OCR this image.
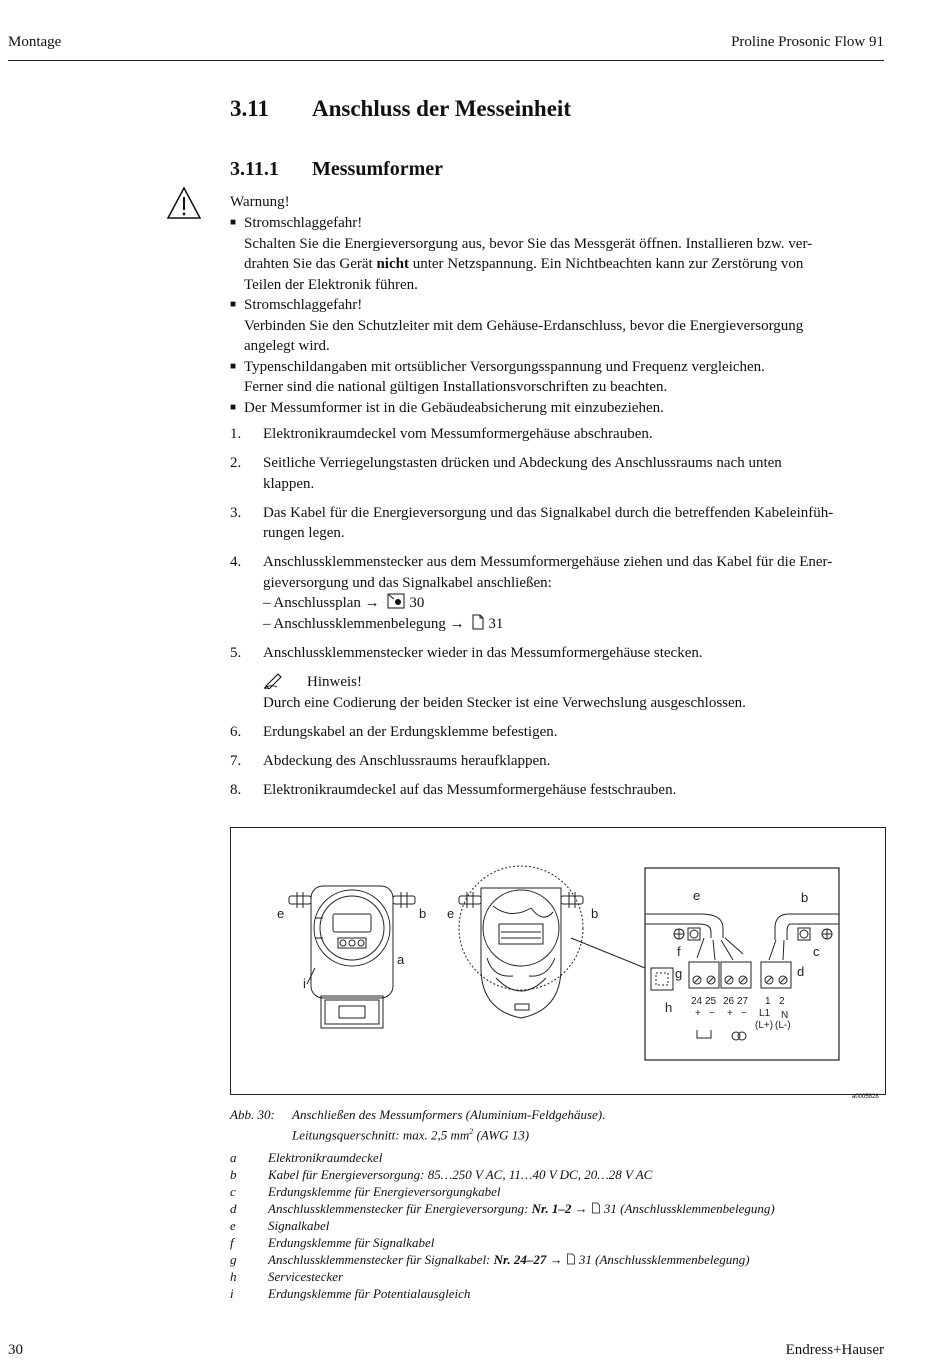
Montage	Proline Prosonic Flow 91
3.11 Anschluss der Messeinheit
3.11.1 Messumformer
Warnung!
■ Stromschlaggefahr!
Schalten Sie die Energieversorgung aus, bevor Sie das Messgerät öffnen. Installieren bzw. ver-
drahten Sie das Gerät nicht unter Netzspannung. Ein Nichtbeachten kann zur Zerstörung von
Teilen der Elektronik führen.
■ Stromschlaggefahr!
Verbinden Sie den Schutzleiter mit dem Gehäuse-Erdanschluss, bevor die Energieversorgung
angelegt wird.
■ Typenschildangaben mit ortsüblicher Versorgungsspannung und Frequenz vergleichen.
Ferner sind die national gültigen Installationsvorschriften zu beachten.
■ Der Messumformer ist in die Gebäudeabsicherung mit einzubeziehen.
1. Elektronikraumdeckel vom Messumformergehäuse abschrauben.
2. Seitliche Verriegelungstasten drücken und Abdeckung des Anschlussraums nach unten
klappen.
3. Das Kabel für die Energieversorgung und das Signalkabel durch die betreffenden Kabeleinfüh-
rungen legen.
4. Anschlussklemmenstecker aus dem Messumformergehäuse ziehen und das Kabel für die Ener-
gieversorgung und das Signalkabel anschließen:
– Anschlussplan → 30
– Anschlussklemmenbelegung → 31
5. Anschlussklemmenstecker wieder in das Messumformergehäuse stecken.
Hinweis!
Durch eine Codierung der beiden Stecker ist eine Verwechslung ausgeschlossen.
6. Erdungskabel an der Erdungsklemme befestigen.
7. Abdeckung des Anschlussraums heraufklappen.
8. Elektronikraumdeckel auf das Messumformergehäuse festschrauben.
e	b
a
i
e	b
e	b
f	c
g	d
h 24 25 26 27 1 2
+ − + − L1 N
(L+) (L-)
a0005828
Abb. 30: Anschließen des Messumformers (Aluminium-Feldgehäuse).
Leitungsquerschnitt: max. 2,5 $mm^2$ (AWG 13)
a Elektronikraumdeckel
b Kabel für Energieversorgung: 85…250 V AC, 11…40 V DC, 20…28 V AC
c Erdungsklemme für Energieversorgungkabel
d Anschlussklemmenstecker für Energieversorgung: Nr. 1–2 → 31 (Anschlussklemmenbelegung)
e Signalkabel
f	Erdungsklemme für Signalkabel
g Anschlussklemmenstecker für Signalkabel: Nr. 24–27 → 31 (Anschlussklemmenbelegung)
h Servicestecker
i	Erdungsklemme für Potentialausgleich
30	Endress+Hauser
